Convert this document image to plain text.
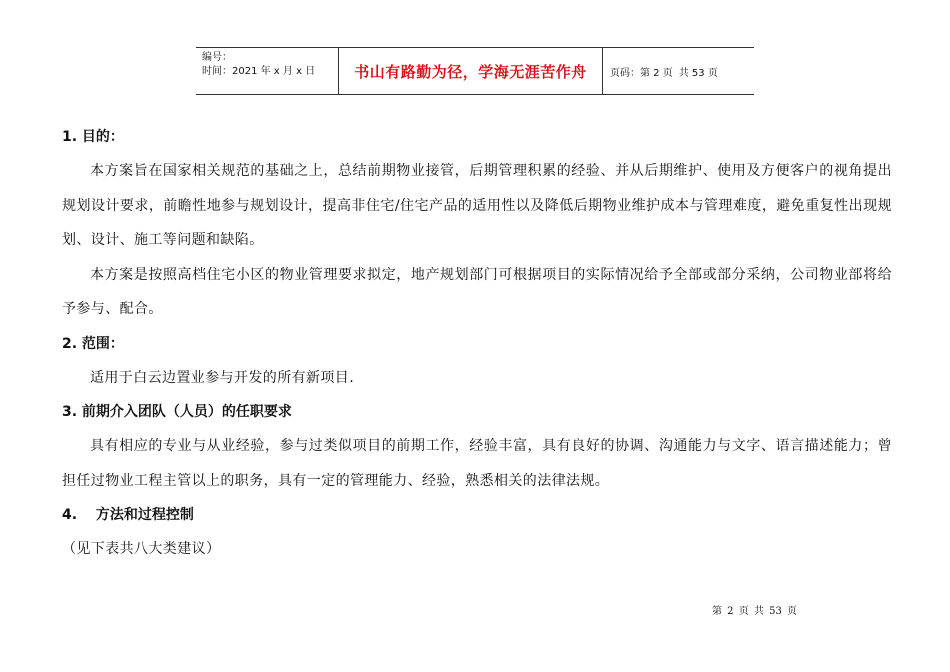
编号：
时间：2021 年 x 月 x 日	书山有路勤为径，学海无涯苦作舟	页码：第 2 页 共 53 页
1. 目的：

本方案旨在国家相关规范的基础之上，总结前期物业接管，后期管理积累的经验、并从后期维护、使用及方便客户的视角提出规划设计要求，前瞻性地参与规划设计，提高非住宅/住宅产品的适用性以及降低后期物业维护成本与管理难度，避免重复性出现规划、设计、施工等问题和缺陷。

本方案是按照高档住宅小区的物业管理要求拟定，地产规划部门可根据项目的实际情况给予全部或部分采纳，公司物业部将给予参与、配合。

2. 范围：

适用于白云边置业参与开发的所有新项目.

3. 前期介入团队（人员）的任职要求

具有相应的专业与从业经验，参与过类似项目的前期工作，经验丰富，具有良好的协调、沟通能力与文字、语言描述能力；曾担任过物业工程主管以上的职务，具有一定的管理能力、经验，熟悉相关的法律法规。

4.　 方法和过程控制

（见下表共八大类建议）

第 2 页 共 53 页
